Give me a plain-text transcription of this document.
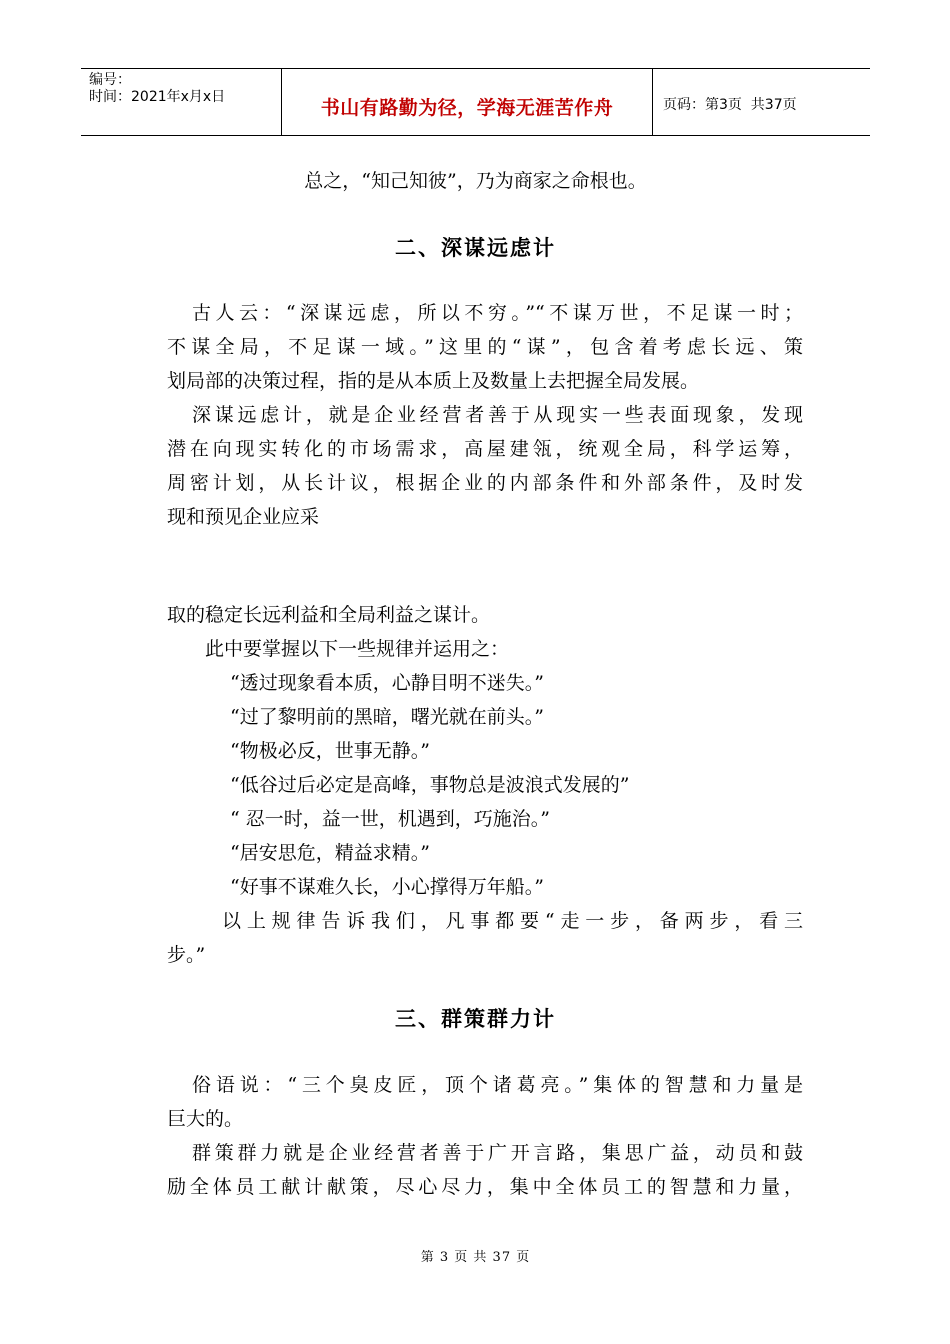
编号：
时间：2021年x月x日	书山有路勤为径，学海无涯苦作舟	页码：第3页  共37页
总之，“知己知彼”，乃为商家之命根也。
二、深谋远虑计
古人云：“深谋远虑，所以不穷。”“不谋万世，不足谋一时；
不谋全局，不足谋一域。”这里的“谋”，包含着考虑长远、策
划局部的决策过程，指的是从本质上及数量上去把握全局发展。
深谋远虑计，就是企业经营者善于从现实一些表面现象，发现
潜在向现实转化的市场需求，高屋建瓴，统观全局，科学运筹，
周密计划，从长计议，根据企业的内部条件和外部条件，及时发
现和预见企业应采
取的稳定长远利益和全局利益之谋计。
此中要掌握以下一些规律并运用之：
“透过现象看本质，心静目明不迷失。”
“过了黎明前的黑暗，曙光就在前头。”
“物极必反，世事无静。”
“低谷过后必定是高峰，事物总是波浪式发展的”
“ 忍一时，益一世，机遇到，巧施治。”
“居安思危，精益求精。”
“好事不谋难久长，小心撑得万年船。”
以上规律告诉我们，凡事都要“走一步，备两步，看三
步。”
三、群策群力计
俗语说：“三个臭皮匠，顶个诸葛亮。”集体的智慧和力量是
巨大的。
群策群力就是企业经营者善于广开言路，集思广益，动员和鼓
励全体员工献计献策，尽心尽力，集中全体员工的智慧和力量，
第 3 页 共 37 页
